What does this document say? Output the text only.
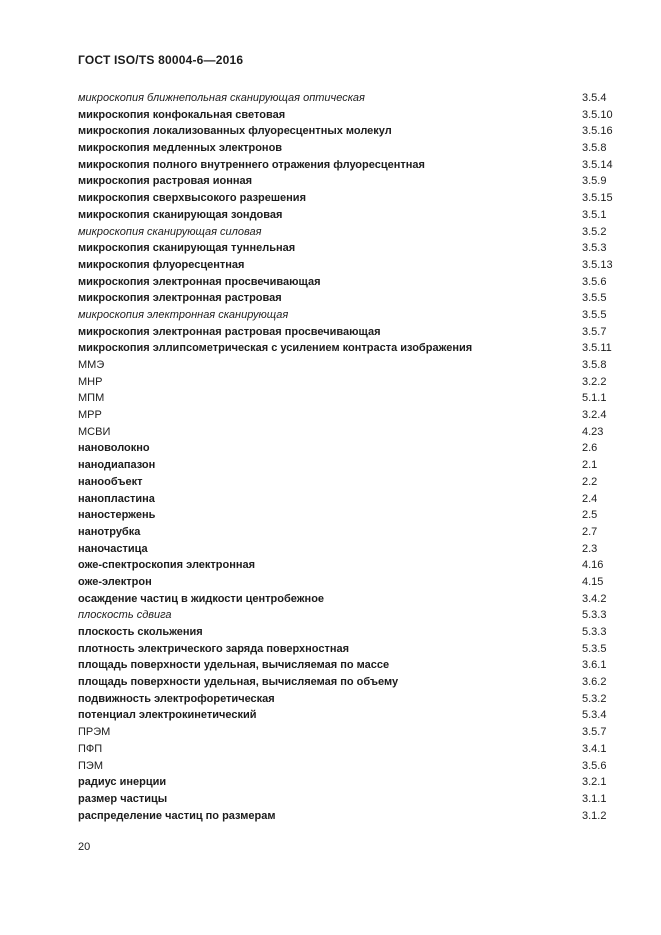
ГОСТ ISO/TS 80004-6—2016
микроскопия ближнепольная сканирующая оптическая	3.5.4
микроскопия конфокальная световая	3.5.10
микроскопия локализованных флуоресцентных молекул	3.5.16
микроскопия медленных электронов	3.5.8
микроскопия полного внутреннего отражения флуоресцентная	3.5.14
микроскопия растровая ионная	3.5.9
микроскопия сверхвысокого разрешения	3.5.15
микроскопия сканирующая зондовая	3.5.1
микроскопия сканирующая силовая	3.5.2
микроскопия сканирующая туннельная	3.5.3
микроскопия флуоресцентная	3.5.13
микроскопия электронная просвечивающая	3.5.6
микроскопия электронная растровая	3.5.5
микроскопия электронная сканирующая	3.5.5
микроскопия электронная растровая просвечивающая	3.5.7
микроскопия эллипсометрическая с усилением контраста изображения	3.5.11
ММЭ	3.5.8
МНР	3.2.2
МПМ	5.1.1
МРР	3.2.4
МСВИ	4.23
нановолокно	2.6
нанодиапазон	2.1
нанообъект	2.2
нанопластина	2.4
наностержень	2.5
нанотрубка	2.7
наночастица	2.3
оже-спектроскопия электронная	4.16
оже-электрон	4.15
осаждение частиц в жидкости центробежное	3.4.2
плоскость сдвига	5.3.3
плоскость скольжения	5.3.3
плотность электрического заряда поверхностная	5.3.5
площадь поверхности удельная, вычисляемая по массе	3.6.1
площадь поверхности удельная, вычисляемая по объему	3.6.2
подвижность электрофоретическая	5.3.2
потенциал электрокинетический	5.3.4
ПРЭМ	3.5.7
ПФП	3.4.1
ПЭМ	3.5.6
радиус инерции	3.2.1
размер частицы	3.1.1
распределение частиц по размерам	3.1.2
20
